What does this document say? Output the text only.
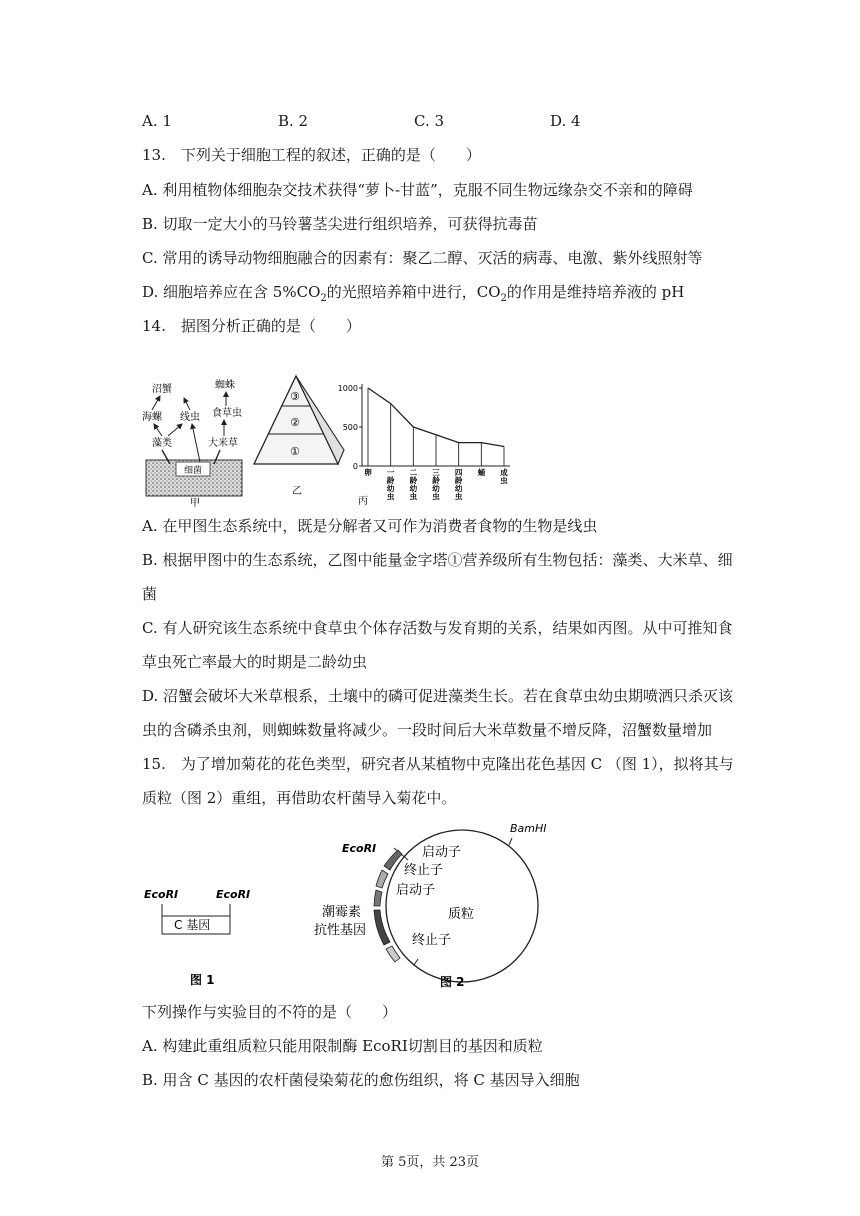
A. 1	B. 2	C. 3	D. 4
13.　下列关于细胞工程的叙述，正确的是（　　）
A. 利用植物体细胞杂交技术获得“萝卜-甘蓝”，克服不同生物远缘杂交不亲和的障碍
B. 切取一定大小的马铃薯茎尖进行组织培养，可获得抗毒苗
C. 常用的诱导动物细胞融合的因素有：聚乙二醇、灭活的病毒、电激、紫外线照射等
D. 细胞培养应在含 $5\%CO_2$的光照培养箱中进行，$CO_2$的作用是维持培养液的 pH
14.　据图分析正确的是（　　）
沼蟹	蜘蛛
海螺 线虫 食草虫
藻类	大米草
细菌
甲
③
②
①
乙
1000
500
0
卵 一
龄
幼
虫
二
龄
幼
虫
三
龄
幼
虫
四
龄
幼
虫
蛹 成
虫
丙
A. 在甲图生态系统中，既是分解者又可作为消费者食物的生物是线虫
B. 根据甲图中的生态系统，乙图中能量金字塔①营养级所有生物包括：藻类、大米草、细
菌
C. 有人研究该生态系统中食草虫个体存活数与发育期的关系，结果如丙图。从中可推知食
草虫死亡率最大的时期是二龄幼虫
D. 沼蟹会破坏大米草根系，土壤中的磷可促进藻类生长。若在食草虫幼虫期喷洒只杀灭该
虫的含磷杀虫剂，则蜘蛛数量将减少。一段时间后大米草数量不增反降，沼蟹数量增加
15.　为了增加菊花的花色类型，研究者从某植物中克隆出花色基因 C （图 1），拟将其与
质粒（图 2）重组，再借助农杆菌导入菊花中。
EcoRⅠ	EcoRⅠ
C 基因
图 1
BamHⅠ
EcoRⅠ	启动子
终止子
启动子
质粒
终止子
潮霉素
抗性基因
图 2
下列操作与实验目的不符的是（　　）
A. 构建此重组质粒只能用限制酶 EcoRⅠ切割目的基因和质粒
B. 用含 C 基因的农杆菌侵染菊花的愈伤组织，将 C 基因导入细胞
第 5页，共 23页
